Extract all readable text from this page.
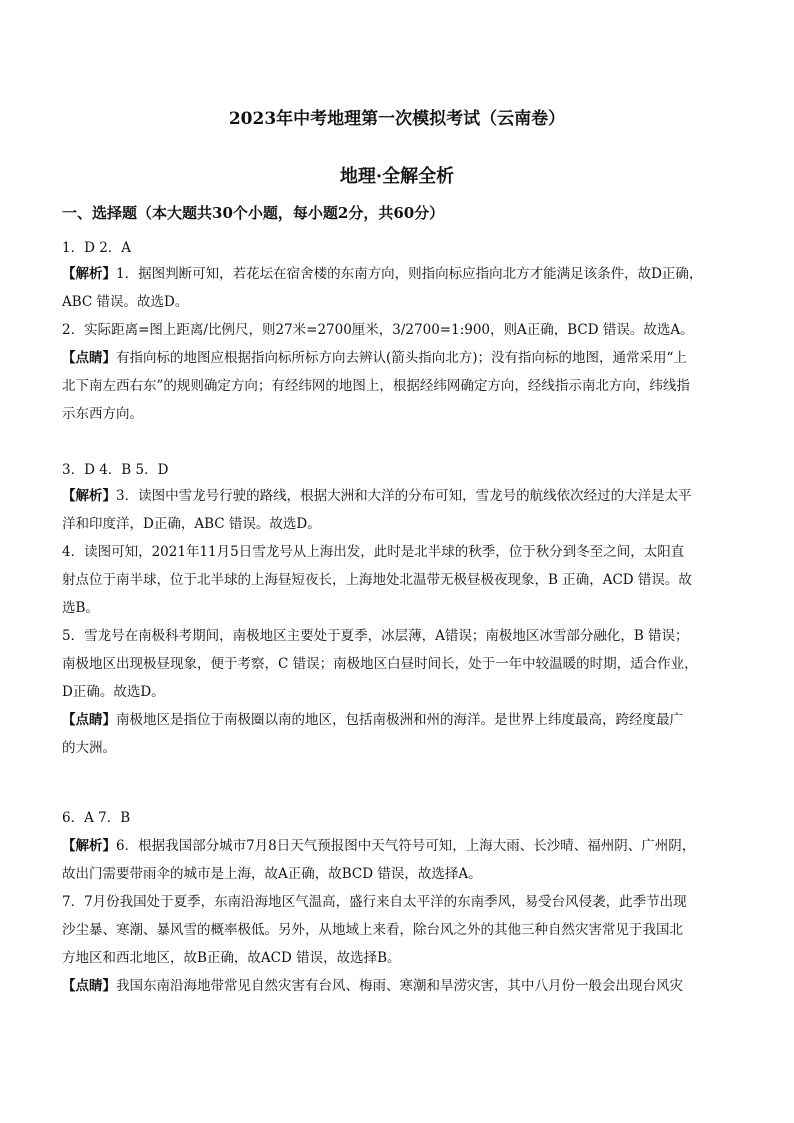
2023年中考地理第一次模拟考试（云南卷）
地理·全解全析
一、选择题（本大题共30个小题，每小题2分，共60分）
1．D 2．A
【解析】1．据图判断可知，若花坛在宿舍楼的东南方向，则指向标应指向北方才能满足该条件，故D正确，
ABC 错误。故选D。
2．实际距离=图上距离/比例尺，则27米=2700厘米，3/2700=1:900，则A正确，BCD 错误。故选A。
【点睛】有指向标的地图应根据指向标所标方向去辨认(箭头指向北方)；没有指向标的地图，通常采用“上
北下南左西右东”的规则确定方向；有经纬网的地图上，根据经纬网确定方向，经线指示南北方向，纬线指
示东西方向。
3．D 4．B 5．D
【解析】3．读图中雪龙号行驶的路线，根据大洲和大洋的分布可知，雪龙号的航线依次经过的大洋是太平
洋和印度洋，D正确，ABC 错误。故选D。
4．读图可知，2021年11月5日雪龙号从上海出发，此时是北半球的秋季，位于秋分到冬至之间，太阳直
射点位于南半球，位于北半球的上海昼短夜长，上海地处北温带无极昼极夜现象，B 正确，ACD 错误。故
选B。
5．雪龙号在南极科考期间，南极地区主要处于夏季，冰层薄，A错误；南极地区冰雪部分融化，B 错误；
南极地区出现极昼现象，便于考察，C 错误；南极地区白昼时间长，处于一年中较温暖的时期，适合作业，
D正确。故选D。
【点睛】南极地区是指位于南极圈以南的地区，包括南极洲和州的海洋。是世界上纬度最高，跨经度最广
的大洲。
6．A 7．B
【解析】6．根据我国部分城市7月8日天气预报图中天气符号可知，上海大雨、长沙晴、福州阴、广州阴，
故出门需要带雨伞的城市是上海，故A正确，故BCD 错误，故选择A。
7．7月份我国处于夏季，东南沿海地区气温高，盛行来自太平洋的东南季风，易受台风侵袭，此季节出现
沙尘暴、寒潮、暴风雪的概率极低。另外，从地域上来看，除台风之外的其他三种自然灾害常见于我国北
方地区和西北地区，故B正确，故ACD 错误，故选择B。
【点睛】我国东南沿海地带常见自然灾害有台风、梅雨、寒潮和旱涝灾害，其中八月份一般会出现台风灾
